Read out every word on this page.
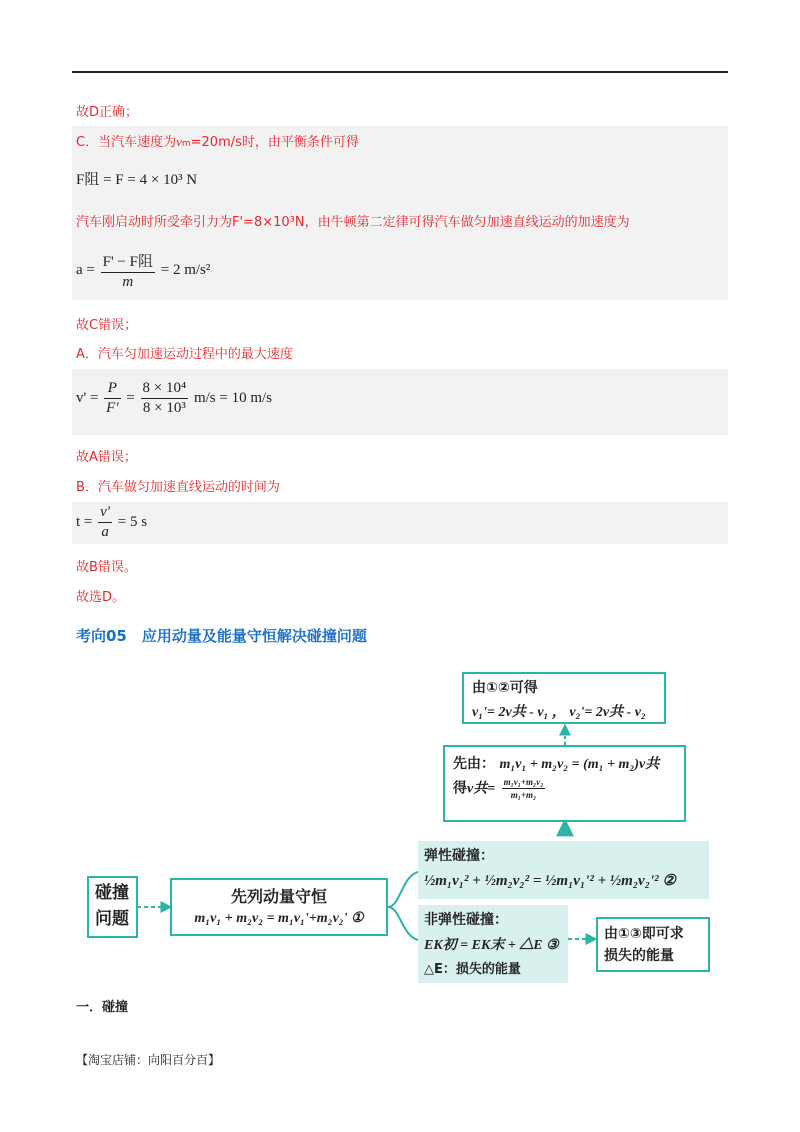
故D正确；
C．当汽车速度为vm=20m/s时，由平衡条件可得
F阻 = F = 4 × 10³ N
汽车刚启动时所受牵引力为F'=8×10³N，由牛顿第二定律可得汽车做匀加速直线运动的加速度为
$a = \frac{\text{F' − F阻}}{m} = 2$ m/s²
故C错误；
A．汽车匀加速运动过程中的最大速度
$v' = \frac{P}{F'} = \frac{\text{8 × 10⁴}}{\text{8 × 10³}} m/s = 10$ m/s
故A错误；
B．汽车做匀加速直线运动的时间为
$t = \frac{v'}{a} = 5$ s
故B错误。
故选D。
考向05　应用动量及能量守恒解决碰撞问题
碰撞
问题
先列动量守恒
m₁v₁ + m₂v₂ = m₁v₁'+m₂v₂' ①
由①②可得
v₁'= 2v共 - v₁ ， v₂'= 2v共 - v₂
先由： m₁v₁ + m₂v₂ = (m₁ + m₂)v共
得v共= $\frac{\text{m₁v₁+m₂v₂}}{\text{m₁+m₂}}$
弹性碰撞：
½m₁v₁² + ½m₂v₂² = ½m₁v₁'² + ½m₂v₂'² ②
非弹性碰撞：
EK初 = EK末 + △E ③
△E：损失的能量
由①③即可求
损失的能量
一．碰撞
【淘宝店铺：向阳百分百】
